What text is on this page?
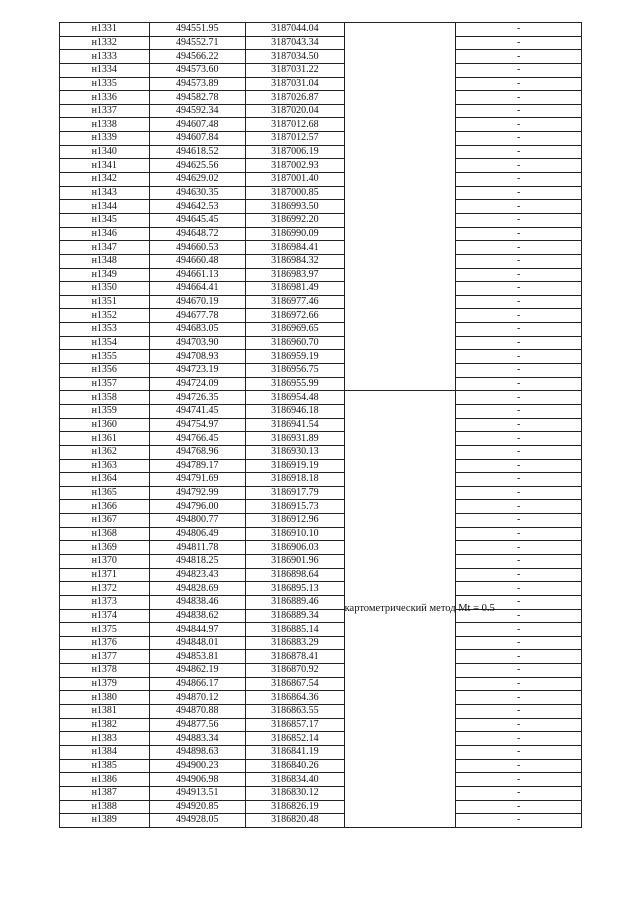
н1331	494551.95	3187044.04		-
н1332	494552.71	3187043.34		-
н1333	494566.22	3187034.50		-
н1334	494573.60	3187031.22		-
н1335	494573.89	3187031.04		-
н1336	494582.78	3187026.87		-
н1337	494592.34	3187020.04		-
н1338	494607.48	3187012.68		-
н1339	494607.84	3187012.57		-
н1340	494618.52	3187006.19		-
н1341	494625.56	3187002.93		-
н1342	494629.02	3187001.40		-
н1343	494630.35	3187000.85		-
н1344	494642.53	3186993.50		-
н1345	494645.45	3186992.20		-
н1346	494648.72	3186990.09		-
н1347	494660.53	3186984.41		-
н1348	494660.48	3186984.32		-
н1349	494661.13	3186983.97		-
н1350	494664.41	3186981.49		-
н1351	494670.19	3186977.46		-
н1352	494677.78	3186972.66		-
н1353	494683.05	3186969.65		-
н1354	494703.90	3186960.70		-
н1355	494708.93	3186959.19		-
н1356	494723.19	3186956.75		-
н1357	494724.09	3186955.99		-
н1358	494726.35	3186954.48	картометрический метод Mt = 0.5	-
н1359	494741.45	3186946.18		-
н1360	494754.97	3186941.54		-
н1361	494766.45	3186931.89		-
н1362	494768.96	3186930.13		-
н1363	494789.17	3186919.19		-
н1364	494791.69	3186918.18		-
н1365	494792.99	3186917.79		-
н1366	494796.00	3186915.73		-
н1367	494800.77	3186912.96		-
н1368	494806.49	3186910.10		-
н1369	494811.78	3186906.03		-
н1370	494818.25	3186901.96		-
н1371	494823.43	3186898.64		-
н1372	494828.69	3186895.13		-
н1373	494838.46	3186889.46		-
н1374	494838.62	3186889.34		-
н1375	494844.97	3186885.14		-
н1376	494848.01	3186883.29		-
н1377	494853.81	3186878.41		-
н1378	494862.19	3186870.92		-
н1379	494866.17	3186867.54		-
н1380	494870.12	3186864.36		-
н1381	494870.88	3186863.55		-
н1382	494877.56	3186857.17		-
н1383	494883.34	3186852.14		-
н1384	494898.63	3186841.19		-
н1385	494900.23	3186840.26		-
н1386	494906.98	3186834.40		-
н1387	494913.51	3186830.12		-
н1388	494920.85	3186826.19		-
н1389	494928.05	3186820.48		-
